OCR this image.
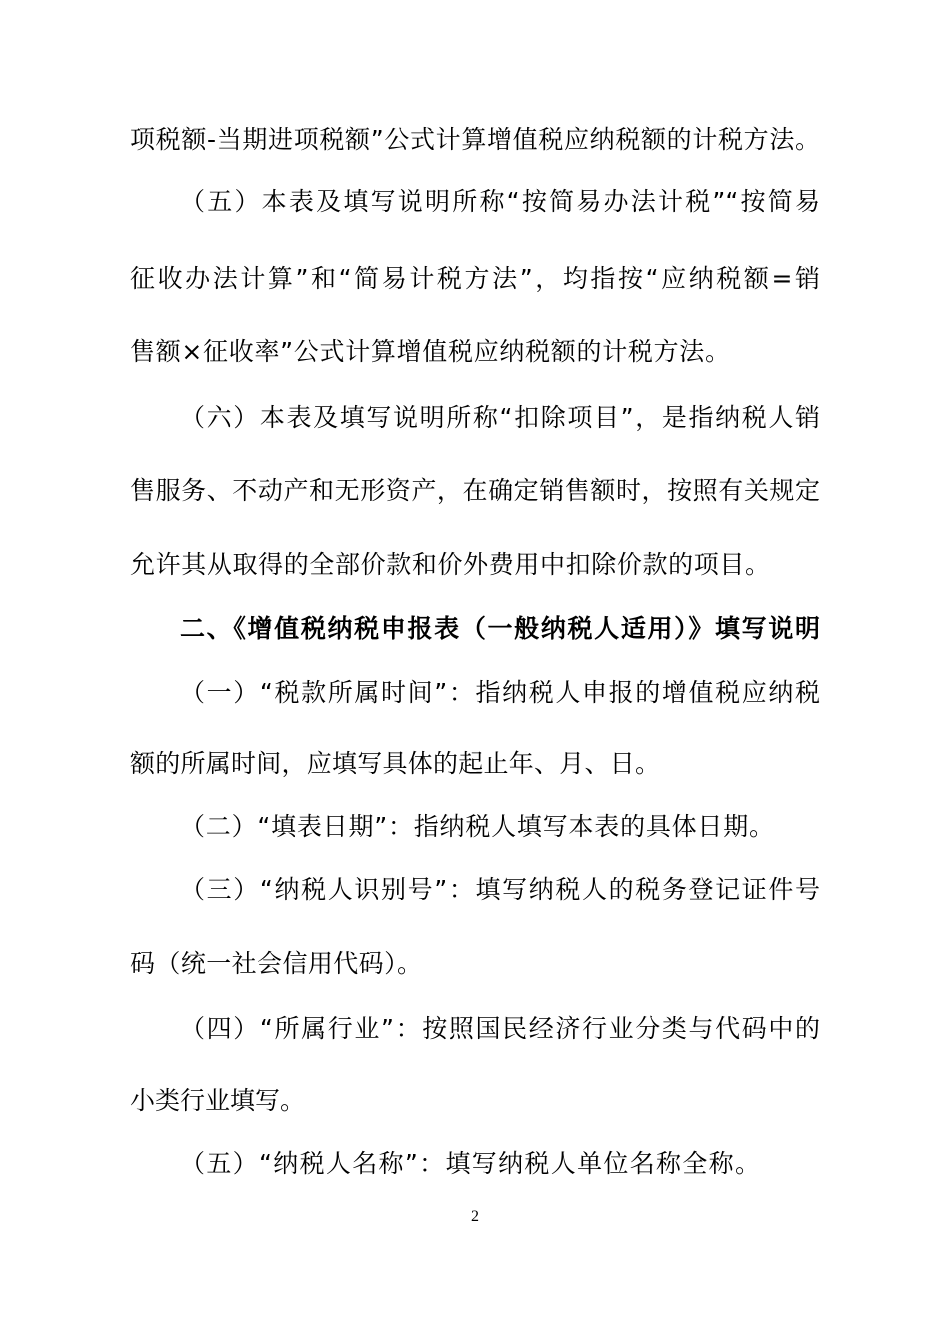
项税额-当期进项税额”公式计算增值税应纳税额的计税方法。
（五）本表及填写说明所称“按简易办法计税”“按简易
征收办法计算”和“简易计税方法”，均指按“应纳税额=销
售额×征收率”公式计算增值税应纳税额的计税方法。
（六）本表及填写说明所称“扣除项目”，是指纳税人销
售服务、不动产和无形资产，在确定销售额时，按照有关规定
允许其从取得的全部价款和价外费用中扣除价款的项目。
二、《增值税纳税申报表（一般纳税人适用）》填写说明
（一）“税款所属时间”：指纳税人申报的增值税应纳税
额的所属时间，应填写具体的起止年、月、日。
（二）“填表日期”：指纳税人填写本表的具体日期。
（三）“纳税人识别号”：填写纳税人的税务登记证件号
码（统一社会信用代码）。
（四）“所属行业”：按照国民经济行业分类与代码中的
小类行业填写。
（五）“纳税人名称”：填写纳税人单位名称全称。
2
